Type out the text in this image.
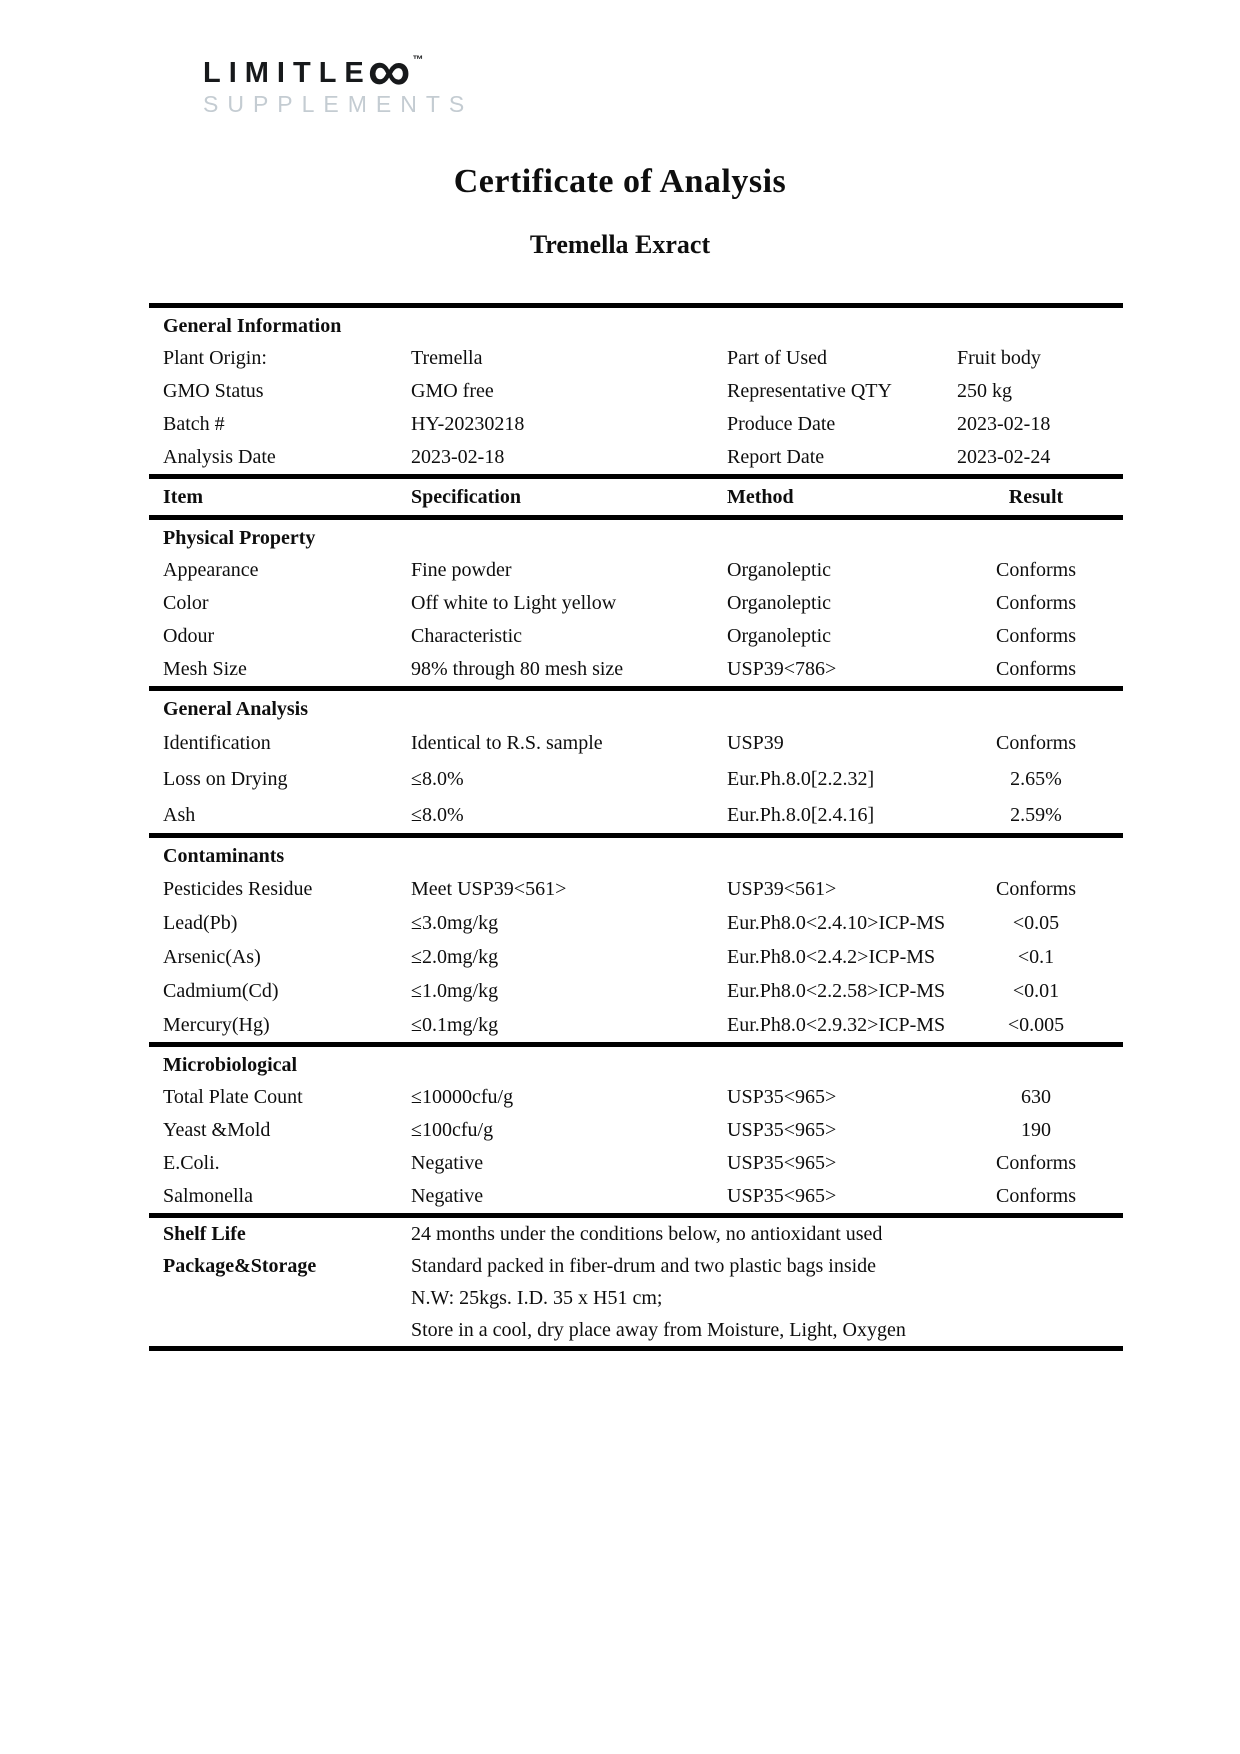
LIMITLE
∞ ™
SUPPLEMENTS
Certificate of Analysis
Tremella Exract
General Information
Plant Origin:	Tremella	Part of Used	Fruit body
GMO Status	GMO free	Representative QTY	250 kg
Batch #	HY-20230218	Produce Date	2023-02-18
Analysis Date	2023-02-18	Report Date	2023-02-24
Item	Specification	Method	Result
Physical Property
Appearance	Fine powder	Organoleptic	Conforms
Color	Off white to Light yellow	Organoleptic	Conforms
Odour	Characteristic	Organoleptic	Conforms
Mesh Size	98% through 80 mesh size	USP39<786>	Conforms
General Analysis
Identification	Identical to R.S. sample	USP39	Conforms
Loss on Drying	≤8.0%	Eur.Ph.8.0[2.2.32]	2.65%
Ash	≤8.0%	Eur.Ph.8.0[2.4.16]	2.59%
Contaminants
Pesticides Residue	Meet USP39<561>	USP39<561>	Conforms
Lead(Pb)	≤3.0mg/kg	Eur.Ph8.0<2.4.10>ICP-MS	<0.05
Arsenic(As)	≤2.0mg/kg	Eur.Ph8.0<2.4.2>ICP-MS	<0.1
Cadmium(Cd)	≤1.0mg/kg	Eur.Ph8.0<2.2.58>ICP-MS	<0.01
Mercury(Hg)	≤0.1mg/kg	Eur.Ph8.0<2.9.32>ICP-MS	<0.005
Microbiological
Total Plate Count	≤10000cfu/g	USP35<965>	630
Yeast &Mold	≤100cfu/g	USP35<965>	190
E.Coli.	Negative	USP35<965>	Conforms
Salmonella	Negative	USP35<965>	Conforms
Shelf Life	24 months under the conditions below, no antioxidant used
Package&Storage	Standard packed in fiber-drum and two plastic bags inside
N.W: 25kgs. I.D. 35 x H51 cm;
Store in a cool, dry place away from Moisture, Light, Oxygen
